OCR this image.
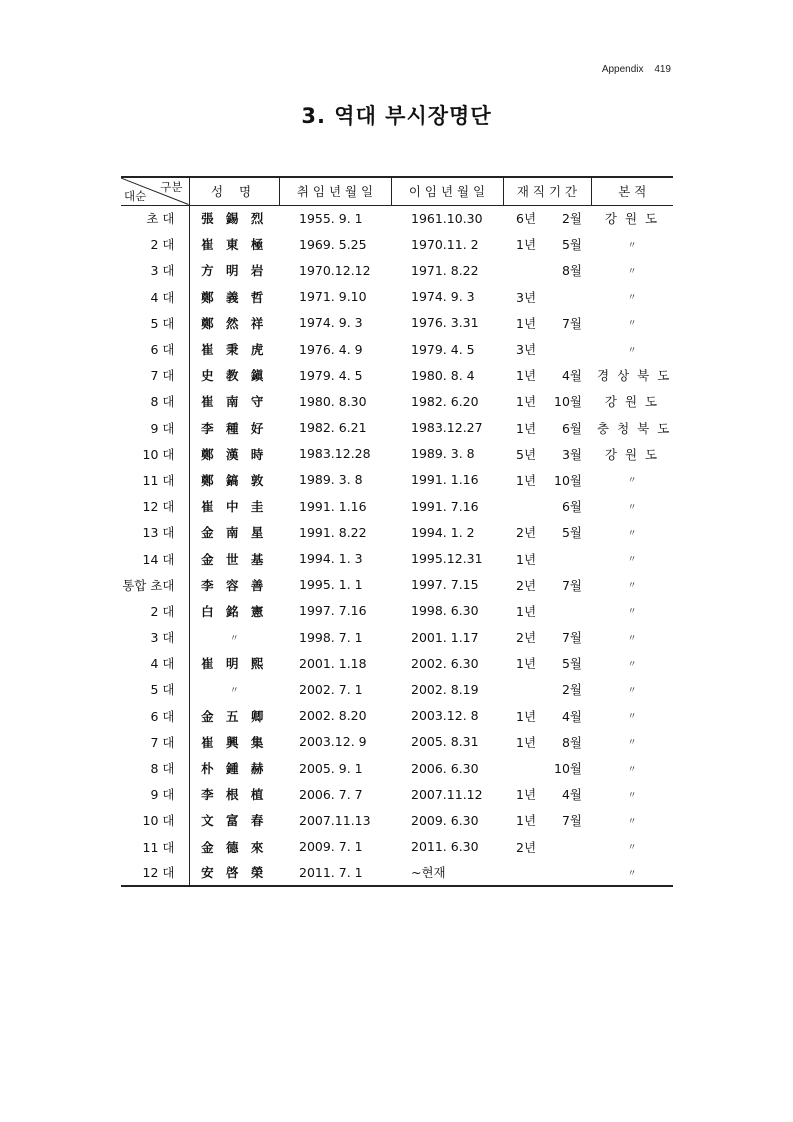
Appendix 419
3. 역대 부시장명단
구분
대순	성 명	취 임 년 월 일	이 임 년 월 일	재 직 기 간	본 적
초 대	張 錫 烈	1955. 9. 1	1961.10.30	6년 2월	강원도
2 대	崔 東 極	1969. 5.25	1970.11. 2	1년 5월	〃
3 대	方 明 岩	1970.12.12	1971. 8.22	8월	〃
4 대	鄭 義 哲	1971. 9.10	1974. 9. 3	3년	〃
5 대	鄭 然 祥	1974. 9. 3	1976. 3.31	1년 7월	〃
6 대	崔 秉 虎	1976. 4. 9	1979. 4. 5	3년	〃
7 대	史 教 鎭	1979. 4. 5	1980. 8. 4	1년 4월	경상북도
8 대	崔 南 守	1980. 8.30	1982. 6.20	1년 10월	강원도
9 대	李 種 好	1982. 6.21	1983.12.27	1년 6월	충청북도
10 대	鄭 漢 時	1983.12.28	1989. 3. 8	5년 3월	강원도
11 대	鄭 鎬 敦	1989. 3. 8	1991. 1.16	1년 10월	〃
12 대	崔 中 圭	1991. 1.16	1991. 7.16	6월	〃
13 대	金 南 星	1991. 8.22	1994. 1. 2	2년 5월	〃
14 대	金 世 基	1994. 1. 3	1995.12.31	1년	〃
통합 초대	李 容 善	1995. 1. 1	1997. 7.15	2년 7월	〃
2 대	白 銘 憲	1997. 7.16	1998. 6.30	1년	〃
3 대	〃	1998. 7. 1	2001. 1.17	2년 7월	〃
4 대	崔 明 熙	2001. 1.18	2002. 6.30	1년 5월	〃
5 대	〃	2002. 7. 1	2002. 8.19	2월	〃
6 대	金 五 卿	2002. 8.20	2003.12. 8	1년 4월	〃
7 대	崔 興 集	2003.12. 9	2005. 8.31	1년 8월	〃
8 대	朴 鍾 赫	2005. 9. 1	2006. 6.30	10월	〃
9 대	李 根 植	2006. 7. 7	2007.11.12	1년 4월	〃
10 대	文 富 春	2007.11.13	2009. 6.30	1년 7월	〃
11 대	金 德 來	2009. 7. 1	2011. 6.30	2년	〃
12 대	安 啓 榮	2011. 7. 1	~현재		〃
